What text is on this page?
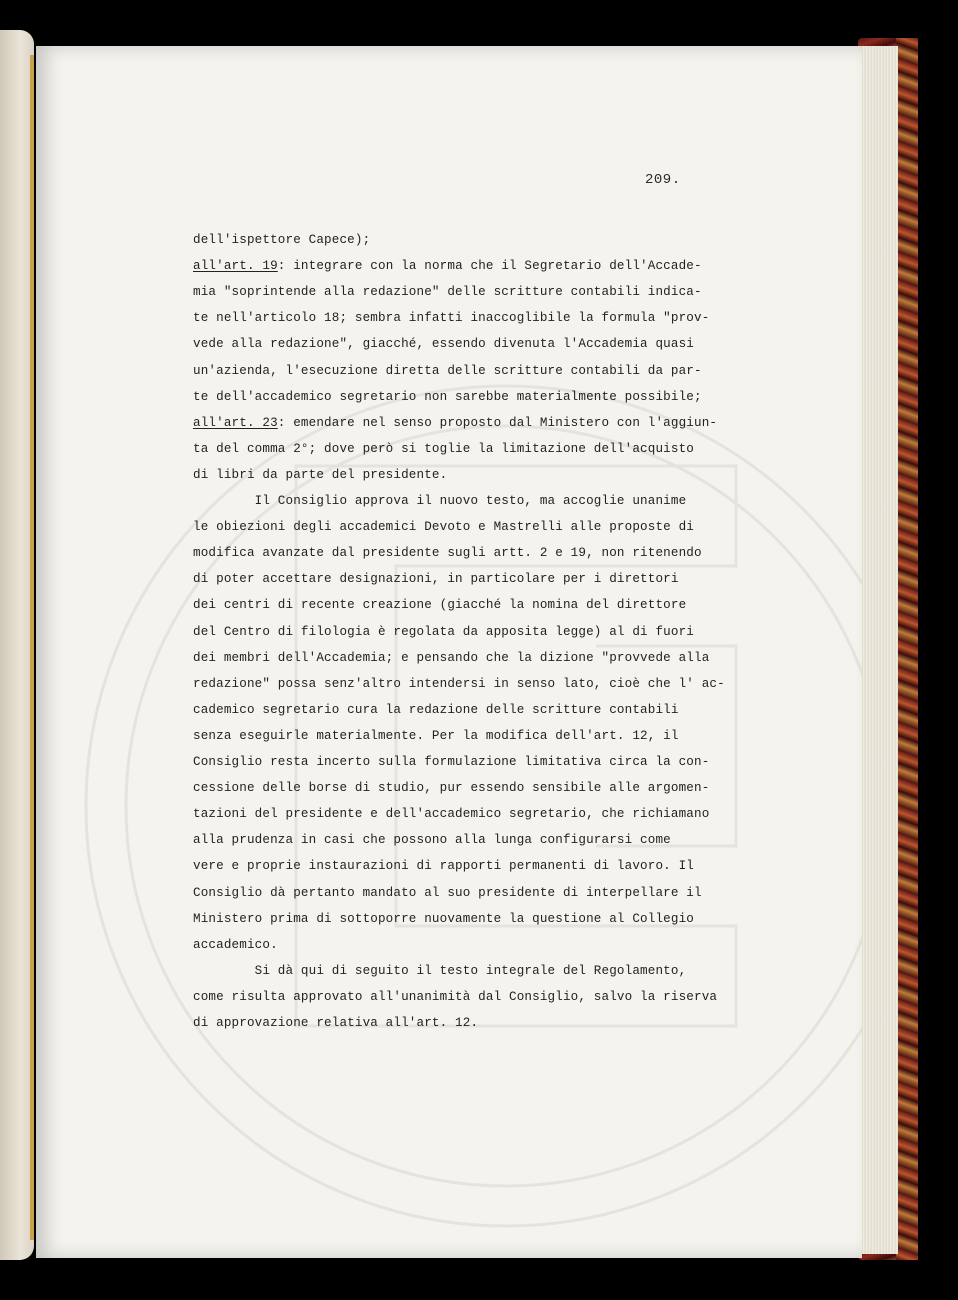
209.
dell'ispettore Capece);
all'art. 19: integrare con la norma che il Segretario dell'Accade-
mia "soprintende alla redazione" delle scritture contabili indica-
te nell'articolo 18; sembra infatti inaccoglibile la formula "prov-
vede alla redazione", giacché, essendo divenuta l'Accademia quasi
un'azienda, l'esecuzione diretta delle scritture contabili da par-
te dell'accademico segretario non sarebbe materialmente possibile;
all'art. 23: emendare nel senso proposto dal Ministero con l'aggiun-
ta del comma 2°; dove però si toglie la limitazione dell'acquisto
di libri da parte del presidente.
Il Consiglio approva il nuovo testo, ma accoglie unanime
le obiezioni degli accademici Devoto e Mastrelli alle proposte di
modifica avanzate dal presidente sugli artt. 2 e 19, non ritenendo
di poter accettare designazioni, in particolare per i direttori
dei centri di recente creazione (giacché la nomina del direttore
del Centro di filologia è regolata da apposita legge) al di fuori
dei membri dell'Accademia; e pensando che la dizione "provvede alla
redazione" possa senz'altro intendersi in senso lato, cioè che l' ac-
cademico segretario cura la redazione delle scritture contabili
senza eseguirle materialmente. Per la modifica dell'art. 12, il
Consiglio resta incerto sulla formulazione limitativa circa la con-
cessione delle borse di studio, pur essendo sensibile alle argomen-
tazioni del presidente e dell'accademico segretario, che richiamano
alla prudenza in casi che possono alla lunga configurarsi come
vere e proprie instaurazioni di rapporti permanenti di lavoro. Il
Consiglio dà pertanto mandato al suo presidente di interpellare il
Ministero prima di sottoporre nuovamente la questione al Collegio
accademico.
Si dà qui di seguito il testo integrale del Regolamento,
come risulta approvato all'unanimità dal Consiglio, salvo la riserva
di approvazione relativa all'art. 12.
